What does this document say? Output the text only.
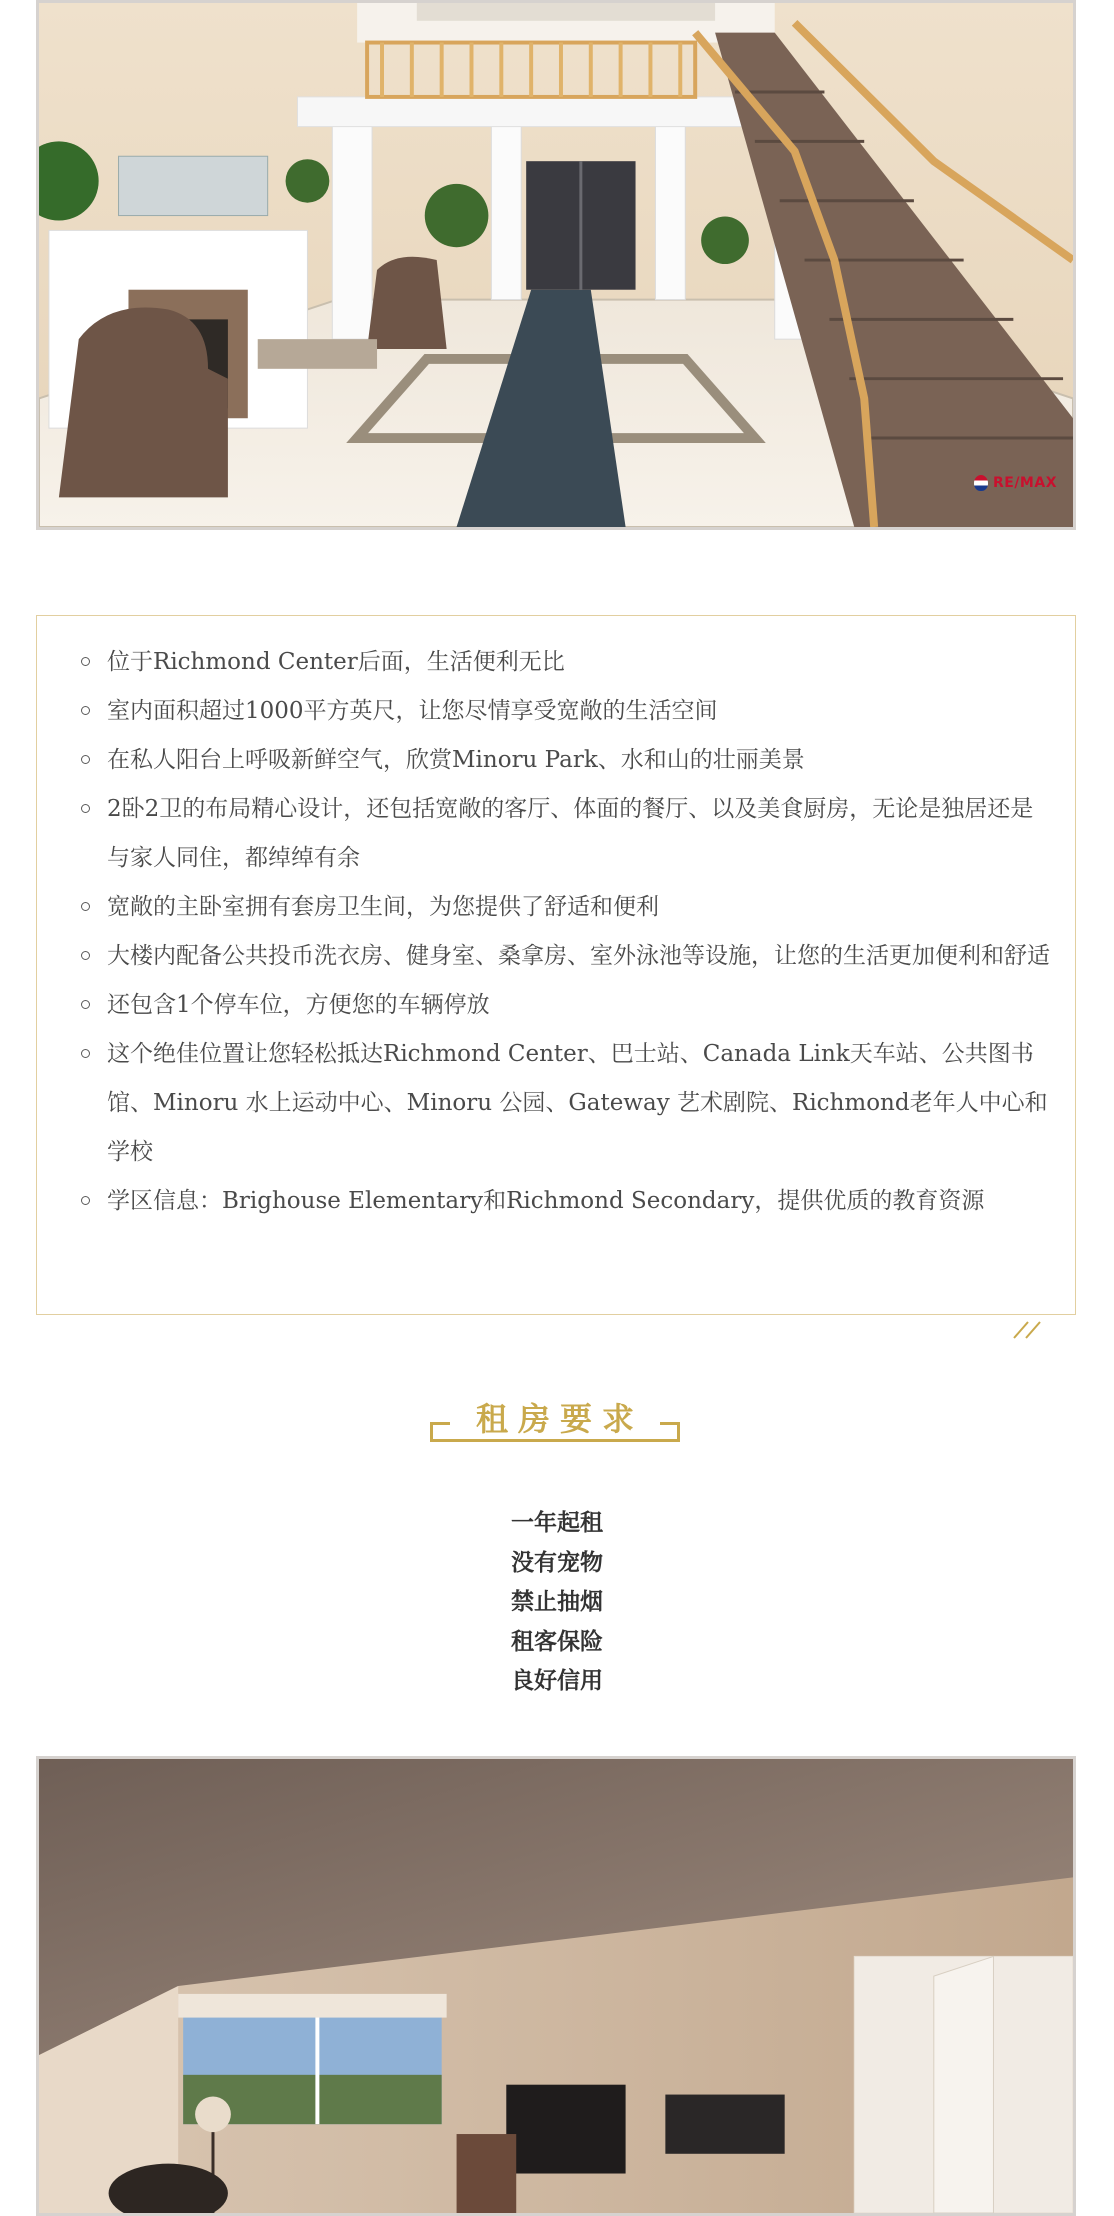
RE/MAX
位于Richmond Center后面，生活便利无比
室内面积超过1000平方英尺，让您尽情享受宽敞的生活空间
在私人阳台上呼吸新鲜空气，欣赏Minoru Park、水和山的壮丽美景
2卧2卫的布局精心设计，还包括宽敞的客厅、体面的餐厅、以及美食厨房，无论是独居还是与家人同住，都绰绰有余
宽敞的主卧室拥有套房卫生间，为您提供了舒适和便利
大楼内配备公共投币洗衣房、健身室、桑拿房、室外泳池等设施，让您的生活更加便利和舒适
还包含1个停车位，方便您的车辆停放
这个绝佳位置让您轻松抵达Richmond Center、巴士站、Canada Link天车站、公共图书馆、Minoru 水上运动中心、Minoru 公园、Gateway 艺术剧院、Richmond老年人中心和学校
学区信息：Brighouse Elementary和Richmond Secondary，提供优质的教育资源
租房要求
一年起租
没有宠物
禁止抽烟
租客保险
良好信用
